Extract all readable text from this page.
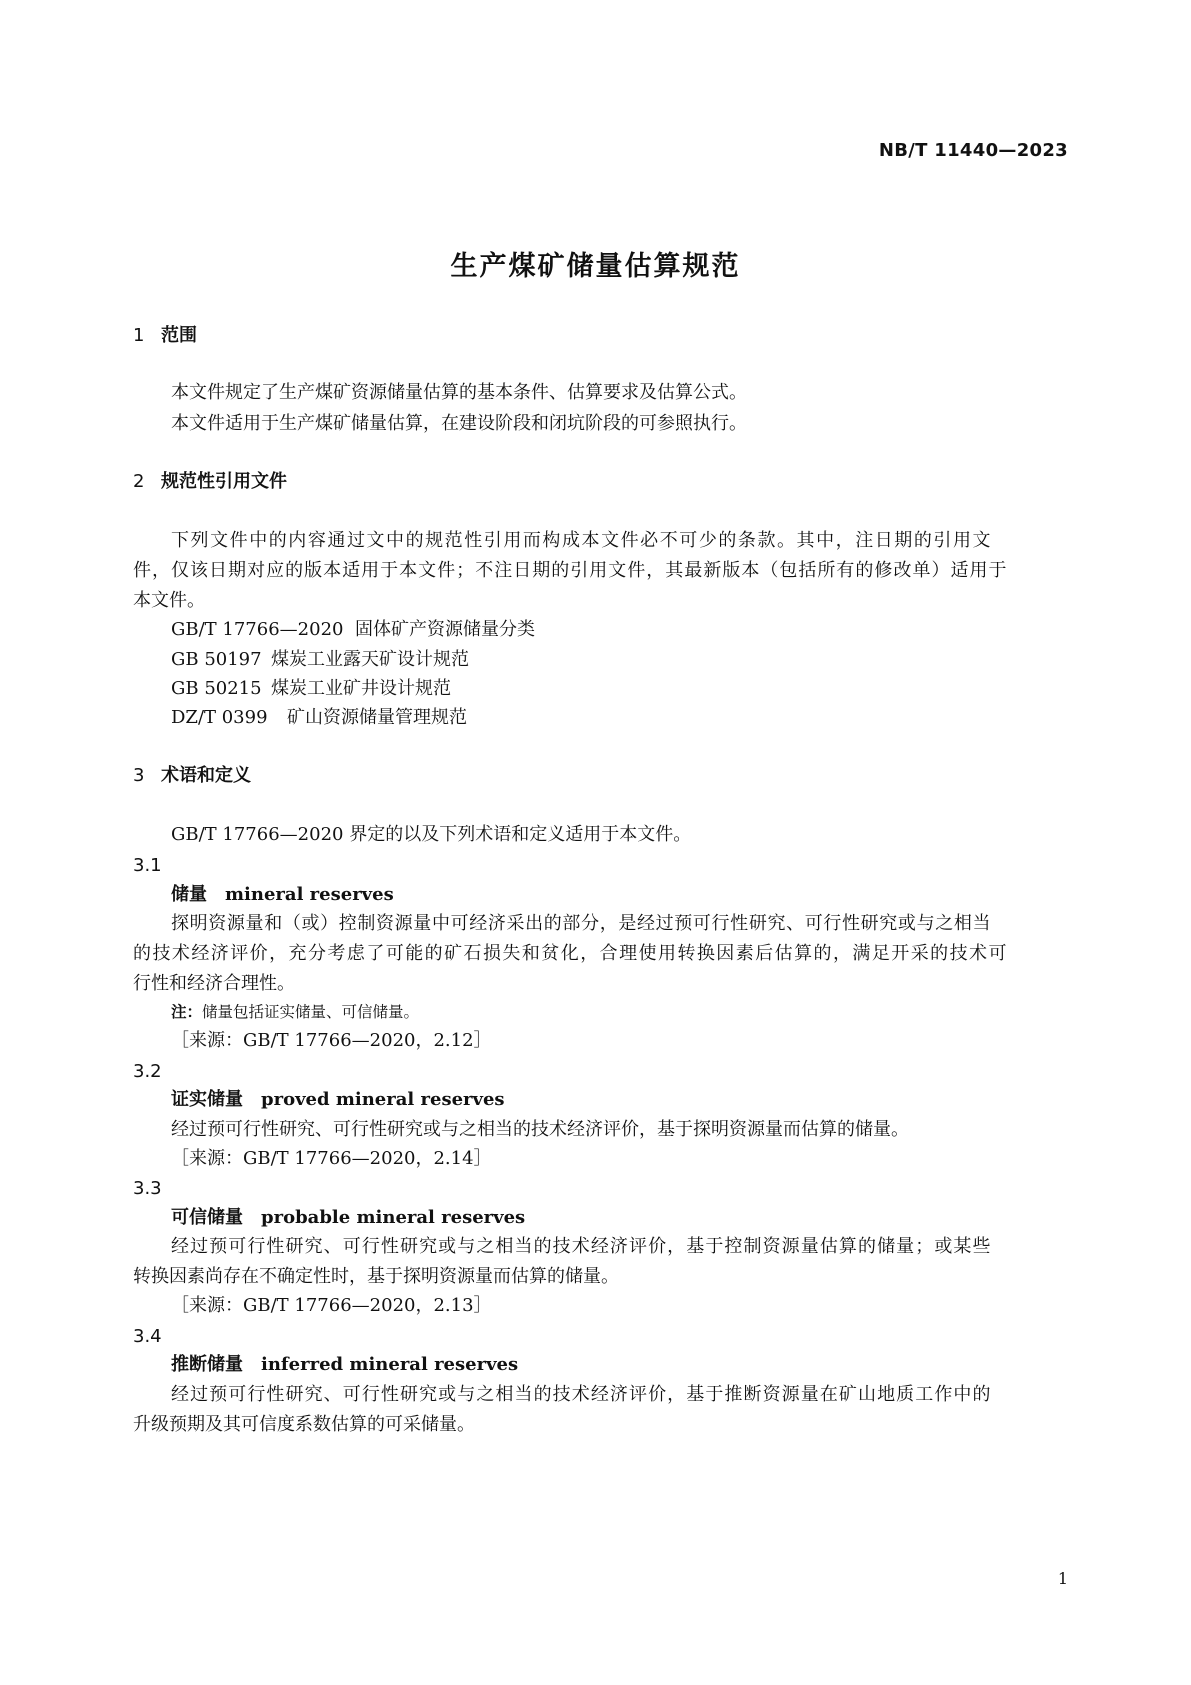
NB/T 11440—2023

生产煤矿储量估算规范

1 范围

本文件规定了生产煤矿资源储量估算的基本条件、估算要求及估算公式。

本文件适用于生产煤矿储量估算，在建设阶段和闭坑阶段的可参照执行。

2 规范性引用文件

下列文件中的内容通过文中的规范性引用而构成本文件必不可少的条款。其中，注日期的引用文

件，仅该日期对应的版本适用于本文件；不注日期的引用文件，其最新版本（包括所有的修改单）适用于

本文件。

GB/T 17766—2020 固体矿产资源储量分类

GB 50197 煤炭工业露天矿设计规范

GB 50215 煤炭工业矿井设计规范

DZ/T 0399 矿山资源储量管理规范

3 术语和定义

GB/T 17766—2020 界定的以及下列术语和定义适用于本文件。

3.1

储量 mineral reserves

探明资源量和（或）控制资源量中可经济采出的部分，是经过预可行性研究、可行性研究或与之相当

的技术经济评价，充分考虑了可能的矿石损失和贫化，合理使用转换因素后估算的，满足开采的技术可

行性和经济合理性。

注：储量包括证实储量、可信储量。

［来源：GB/T 17766—2020，2.12］

3.2

证实储量 proved mineral reserves

经过预可行性研究、可行性研究或与之相当的技术经济评价，基于探明资源量而估算的储量。

［来源：GB/T 17766—2020，2.14］

3.3

可信储量 probable mineral reserves

经过预可行性研究、可行性研究或与之相当的技术经济评价，基于控制资源量估算的储量；或某些

转换因素尚存在不确定性时，基于探明资源量而估算的储量。

［来源：GB/T 17766—2020，2.13］

3.4

推断储量 inferred mineral reserves

经过预可行性研究、可行性研究或与之相当的技术经济评价，基于推断资源量在矿山地质工作中的

升级预期及其可信度系数估算的可采储量。

1
